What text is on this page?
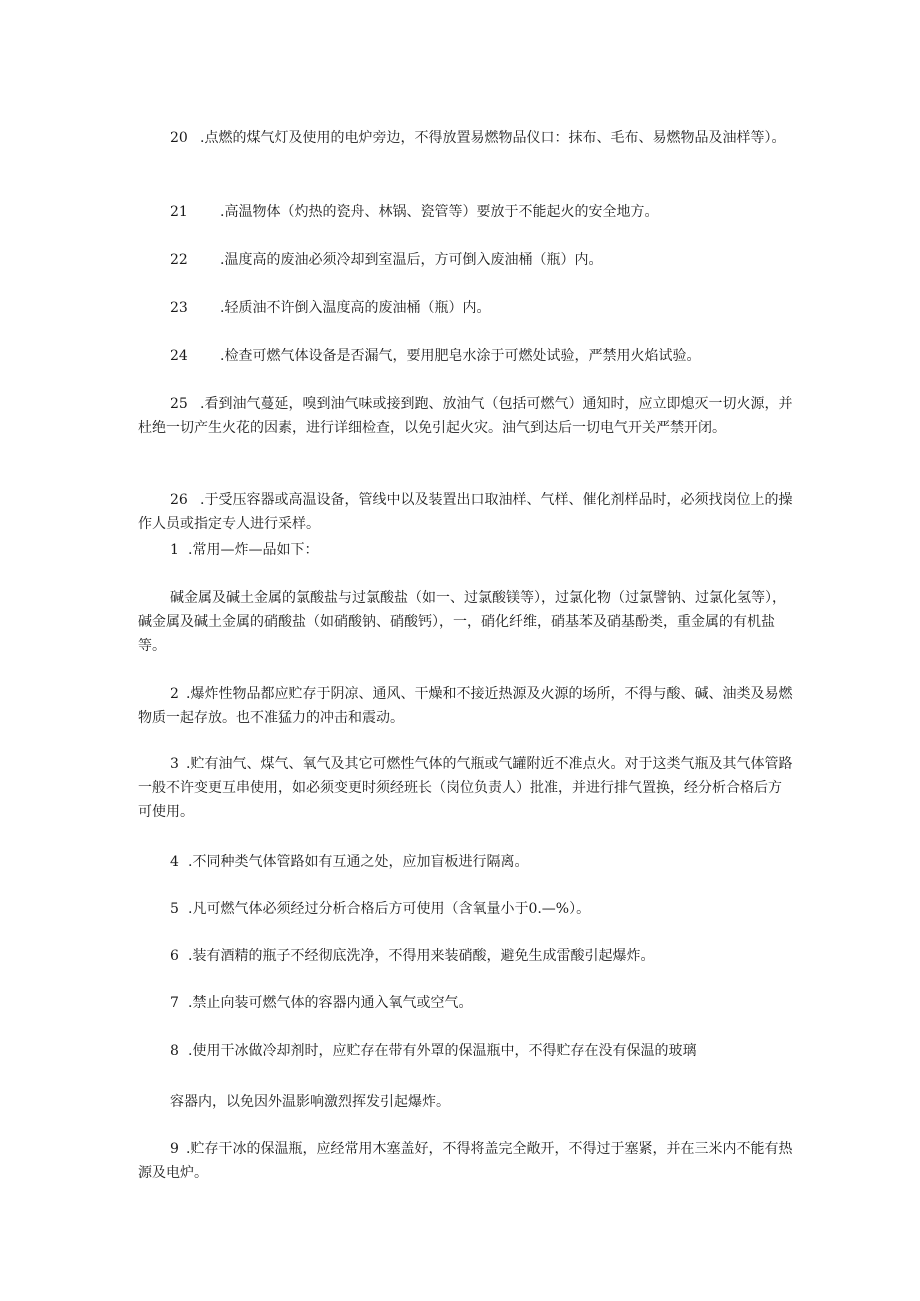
20 .点燃的煤气灯及使用的电炉旁边，不得放置易燃物品仪口：抹布、毛布、易燃物品及油样等）。

21 .高温物体（灼热的瓷舟、林锅、瓷管等）要放于不能起火的安全地方。

22 .温度高的废油必须冷却到室温后，方可倒入废油桶（瓶）内。

23 .轻质油不许倒入温度高的废油桶（瓶）内。

24 .检查可燃气体设备是否漏气，要用肥皂水涂于可燃处试验，严禁用火焰试验。

25 .看到油气蔓延，嗅到油气味或接到跑、放油气（包括可燃气）通知时，应立即熄灭一切火源，并杜绝一切产生火花的因素，进行详细检查，以免引起火灾。油气到达后一切电气开关严禁开闭。

26 .于受压容器或高温设备，管线中以及装置出口取油样、气样、催化剂样品时，必须找岗位上的操作人员或指定专人进行采样。

1 .常用—炸—品如下：

碱金属及碱土金属的氯酸盐与过氯酸盐（如一、过氯酸镁等），过氯化物（过氯譬钠、过氯化氢等），碱金属及碱土金属的硝酸盐（如硝酸钠、硝酸钙），一，硝化纤维，硝基苯及硝基酚类，重金属的有机盐等。

2 .爆炸性物品都应贮存于阴凉、通风、干燥和不接近热源及火源的场所，不得与酸、碱、油类及易燃物质一起存放。也不准猛力的冲击和震动。

3 .贮有油气、煤气、氧气及其它可燃性气体的气瓶或气罐附近不准点火。对于这类气瓶及其气体管路一般不许变更互串使用，如必须变更时须经班长（岗位负责人）批准，并进行排气置换，经分析合格后方可使用。

4 .不同种类气体管路如有互通之处，应加盲板进行隔离。

5 .凡可燃气体必须经过分析合格后方可使用（含氧量小于0.—%）。

6 .装有酒精的瓶子不经彻底洗净，不得用来装硝酸，避免生成雷酸引起爆炸。

7 .禁止向装可燃气体的容器内通入氧气或空气。

8 .使用干冰做冷却剂时，应贮存在带有外罩的保温瓶中，不得贮存在没有保温的玻璃

容器内，以免因外温影响激烈挥发引起爆炸。

9 .贮存干冰的保温瓶，应经常用木塞盖好，不得将盖完全敞开，不得过于塞紧，并在三米内不能有热源及电炉。
